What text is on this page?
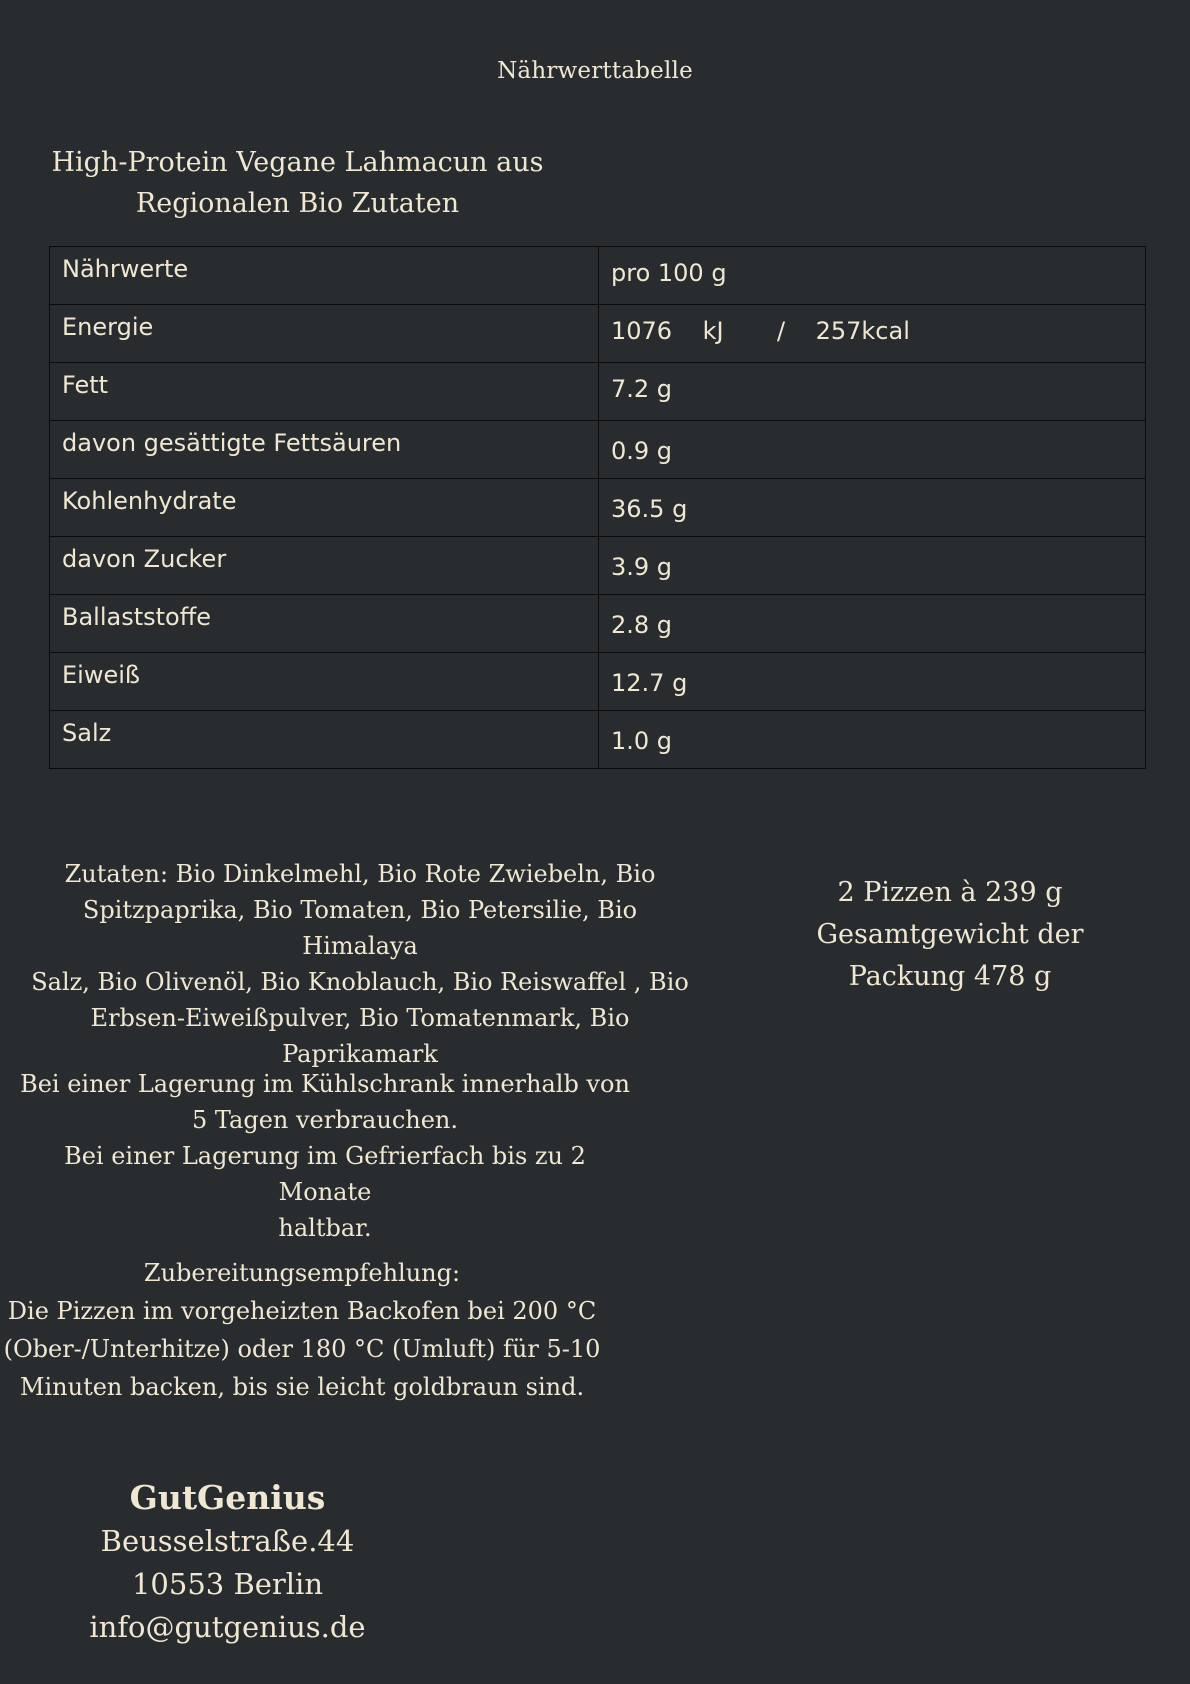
Nährwerttabelle
High-Protein Vegane Lahmacun aus
Regionalen Bio Zutaten
Nährwerte	pro 100 g
Energie	1076 kJ / 257kcal
Fett	7.2 g
davon gesättigte Fettsäuren	0.9 g
Kohlenhydrate	36.5 g
davon Zucker	3.9 g
Ballaststoffe	2.8 g
Eiweiß	12.7 g
Salz	1.0 g
Zutaten: Bio Dinkelmehl, Bio Rote Zwiebeln, Bio
Spitzpaprika, Bio Tomaten, Bio Petersilie, Bio Himalaya
Salz, Bio Olivenöl, Bio Knoblauch, Bio Reiswaffel , Bio
Erbsen-Eiweißpulver, Bio Tomatenmark, Bio
Paprikamark
2 Pizzen à 239 g
Gesamtgewicht der
Packung 478 g
Bei einer Lagerung im Kühlschrank innerhalb von
5 Tagen verbrauchen.
Bei einer Lagerung im Gefrierfach bis zu 2 Monate
haltbar.
Zubereitungsempfehlung:
Die Pizzen im vorgeheizten Backofen bei 200 °C
(Ober-/Unterhitze) oder 180 °C (Umluft) für 5-10
Minuten backen, bis sie leicht goldbraun sind.
GutGenius
Beusselstraße.44
10553 Berlin
info@gutgenius.de
